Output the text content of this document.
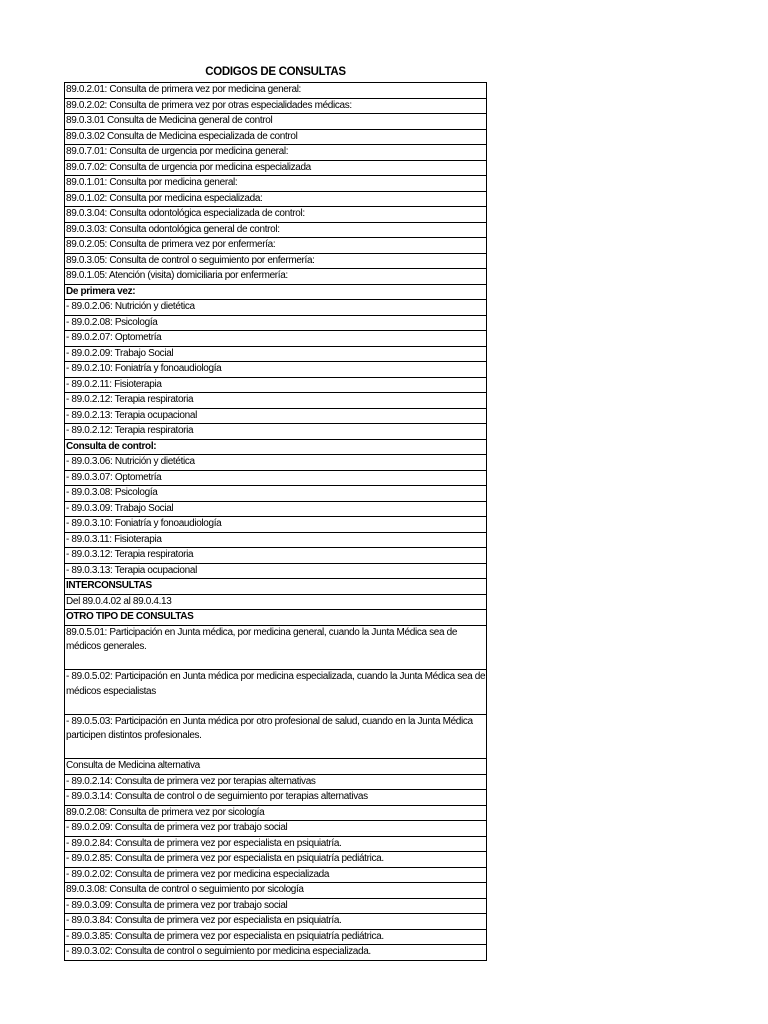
CODIGOS DE CONSULTAS
89.0.2.01: Consulta de primera vez por medicina general:
89.0.2.02: Consulta de primera vez por otras especialidades médicas:
89.0.3.01 Consulta de Medicina general de control
89.0.3.02 Consulta de Medicina especializada de control
89.0.7.01: Consulta de urgencia por medicina general:
89.0.7.02: Consulta de urgencia por medicina especializada
89.0.1.01: Consulta por medicina general:
89.0.1.02: Consulta por medicina especializada:
89.0.3.04: Consulta odontológica especializada de control:
89.0.3.03: Consulta odontológica general de control:
89.0.2.05: Consulta de primera vez por enfermería:
89.0.3.05: Consulta de control o seguimiento por enfermería:
89.0.1.05: Atención (visita) domiciliaria por enfermería:
De primera vez:
- 89.0.2.06: Nutrición y dietética
- 89.0.2.08: Psicología
- 89.0.2.07: Optometría
- 89.0.2.09: Trabajo Social
- 89.0.2.10: Foniatría y fonoaudiología
- 89.0.2.11: Fisioterapia
- 89.0.2.12: Terapia respiratoria
- 89.0.2.13: Terapia ocupacional
- 89.0.2.12: Terapia respiratoria
Consulta de control:
- 89.0.3.06: Nutrición y dietética
- 89.0.3.07: Optometría
- 89.0.3.08: Psicología
- 89.0.3.09: Trabajo Social
- 89.0.3.10: Foniatría y fonoaudiología
- 89.0.3.11: Fisioterapia
- 89.0.3.12: Terapia respiratoria
- 89.0.3.13: Terapia ocupacional
INTERCONSULTAS
Del 89.0.4.02 al 89.0.4.13
OTRO TIPO DE CONSULTAS
89.0.5.01: Participación en Junta médica, por medicina general, cuando la Junta Médica sea de médicos generales.
- 89.0.5.02: Participación en Junta médica por medicina especializada, cuando la Junta Médica sea de médicos especialistas
- 89.0.5.03: Participación en Junta médica por otro profesional de salud, cuando en la Junta Médica participen distintos profesionales.
Consulta de Medicina alternativa
- 89.0.2.14: Consulta de primera vez por terapias alternativas
- 89.0.3.14: Consulta de control o de seguimiento por terapias alternativas
89.0.2.08: Consulta de primera vez por sicología
- 89.0.2.09: Consulta de primera vez por trabajo social
- 89.0.2.84: Consulta de primera vez por especialista en psiquiatría.
- 89.0.2.85: Consulta de primera vez por especialista en psiquiatría pediátrica.
- 89.0.2.02: Consulta de primera vez por medicina especializada
89.0.3.08: Consulta de control o seguimiento por sicología
- 89.0.3.09: Consulta de primera vez por trabajo social
- 89.0.3.84: Consulta de primera vez por especialista en psiquiatría.
- 89.0.3.85: Consulta de primera vez por especialista en psiquiatría pediátrica.
- 89.0.3.02: Consulta de control o seguimiento por medicina especializada.
